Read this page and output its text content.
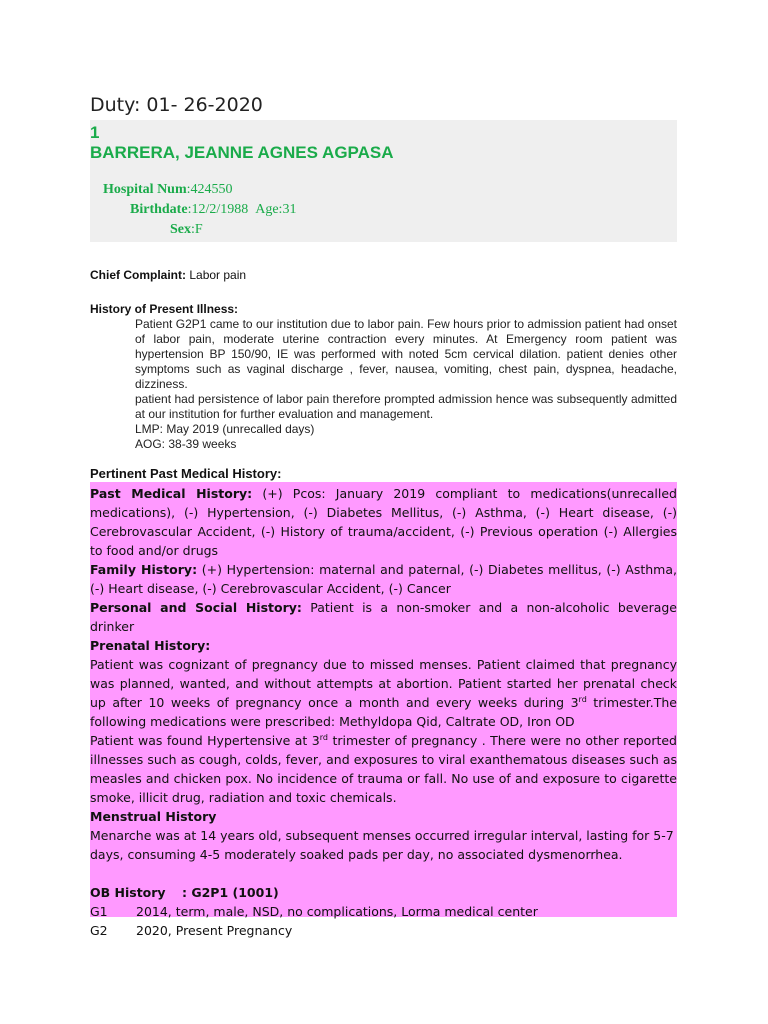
Duty: 01- 26-2020
1
BARRERA, JEANNE AGNES AGPASA
Hospital Num:424550
Birthdate:12/2/1988 Age:31
Sex:F
Chief Complaint: Labor pain
History of Present Illness:

Patient G2P1 came to our institution due to labor pain. Few hours prior to admission patient had onset of labor pain, moderate uterine contraction every minutes. At Emergency room patient was hypertension BP 150/90, IE was performed with noted 5cm cervical dilation. patient denies other symptoms such as vaginal discharge , fever, nausea, vomiting, chest pain, dyspnea, headache, dizziness.

patient had persistence of labor pain therefore prompted admission hence was subsequently admitted at our institution for further evaluation and management.

LMP: May 2019 (unrecalled days)

AOG: 38-39 weeks

Pertinent Past Medical History:

Past Medical History: (+) Pcos: January 2019 compliant to medications(unrecalled medications), (-) Hypertension, (-) Diabetes Mellitus, (-) Asthma, (-) Heart disease, (-) Cerebrovascular Accident, (-) History of trauma/accident, (-) Previous operation (-) Allergies to food and/or drugs

Family History: (+) Hypertension: maternal and paternal, (-) Diabetes mellitus, (-) Asthma, (-) Heart disease, (-) Cerebrovascular Accident, (-) Cancer

Personal and Social History: Patient is a non-smoker and a non-alcoholic beverage drinker

Prenatal History:

Patient was cognizant of pregnancy due to missed menses. Patient claimed that pregnancy was planned, wanted, and without attempts at abortion. Patient started her prenatal check up after 10 weeks of pregnancy once a month and every weeks during 3rd trimester.The following medications were prescribed: Methyldopa Qid, Caltrate OD, Iron OD

Patient was found Hypertensive at 3rd trimester of pregnancy . There were no other reported illnesses such as cough, colds, fever, and exposures to viral exanthematous diseases such as measles and chicken pox. No incidence of trauma or fall. No use of and exposure to cigarette smoke, illicit drug, radiation and toxic chemicals.

Menstrual History

Menarche was at 14 years old, subsequent menses occurred irregular interval, lasting for 5-7 days, consuming 4-5 moderately soaked pads per day, no associated dysmenorrhea.

OB History	: G2P1 (1001)
G1	2014, term, male, NSD, no complications, Lorma medical center
G2	2020, Present Pregnancy
